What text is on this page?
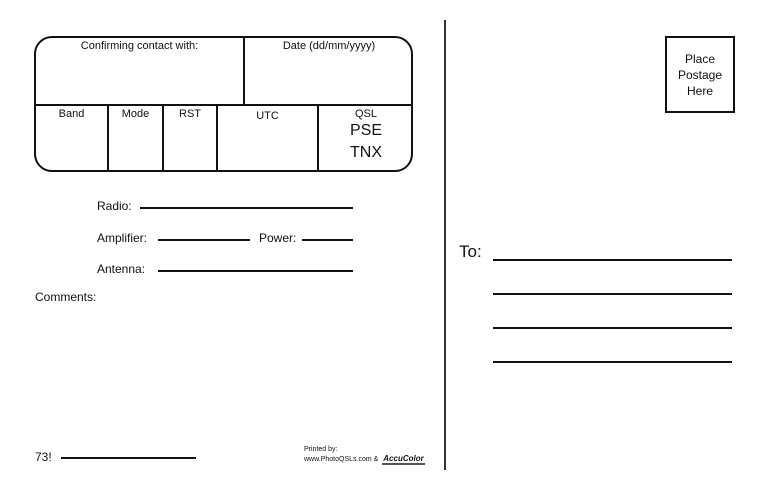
Confirming contact with:	Date (dd/mm/yyyy)
Band	Mode	RST	UTC	QSL
PSE
TNX
Radio:
Amplifier:	Power:
Antenna:
Comments:
73!
Printed by:
www.PhotoQSLs.com & AccuColor
Place
Postage
Here
To:
